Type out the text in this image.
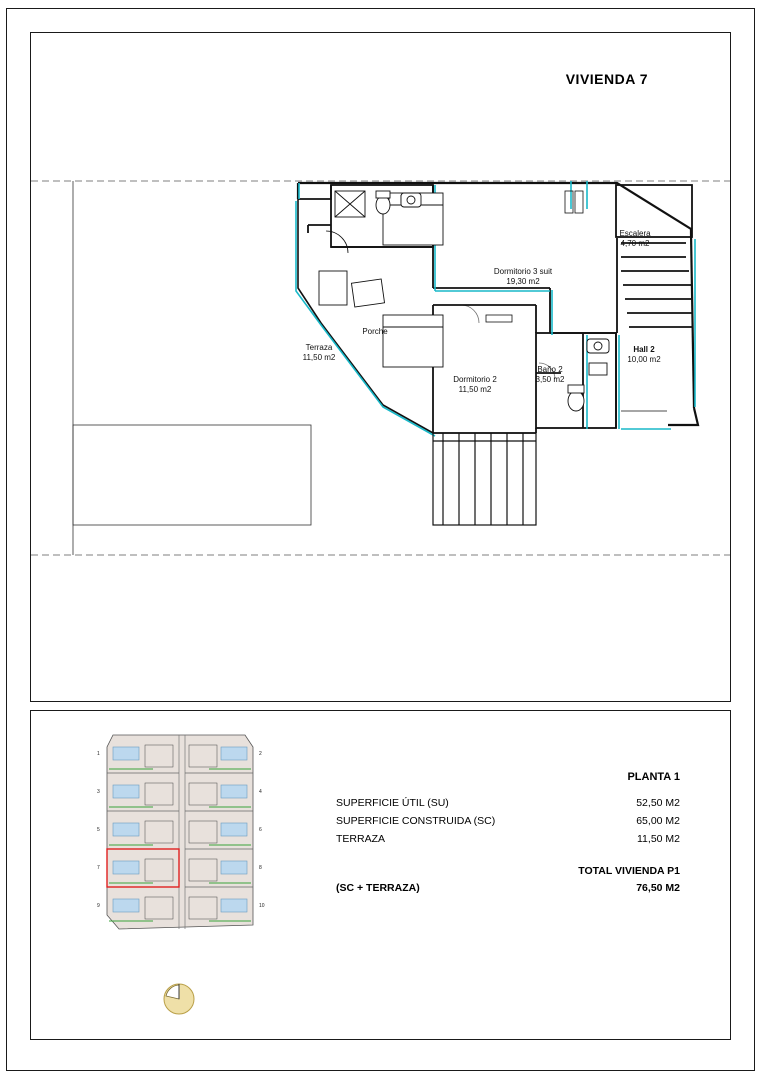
VIVIENDA 7
Escalera
4,70 m2
Dormitorio 3 suit
19,30 m2
Hall 2
10,00 m2
Porche
Terraza
11,50 m2
Dormitorio 2
11,50 m2
Baño 2
3,50 m2
1
3
5
7
9
2
4
6
8
10
PLANTA 1
SUPERFICIE ÚTIL (SU)	52,50 M2
SUPERFICIE CONSTRUIDA (SC)	65,00 M2
TERRAZA	11,50 M2
TOTAL VIVIENDA P1
(SC + TERRAZA)	76,50 M2
